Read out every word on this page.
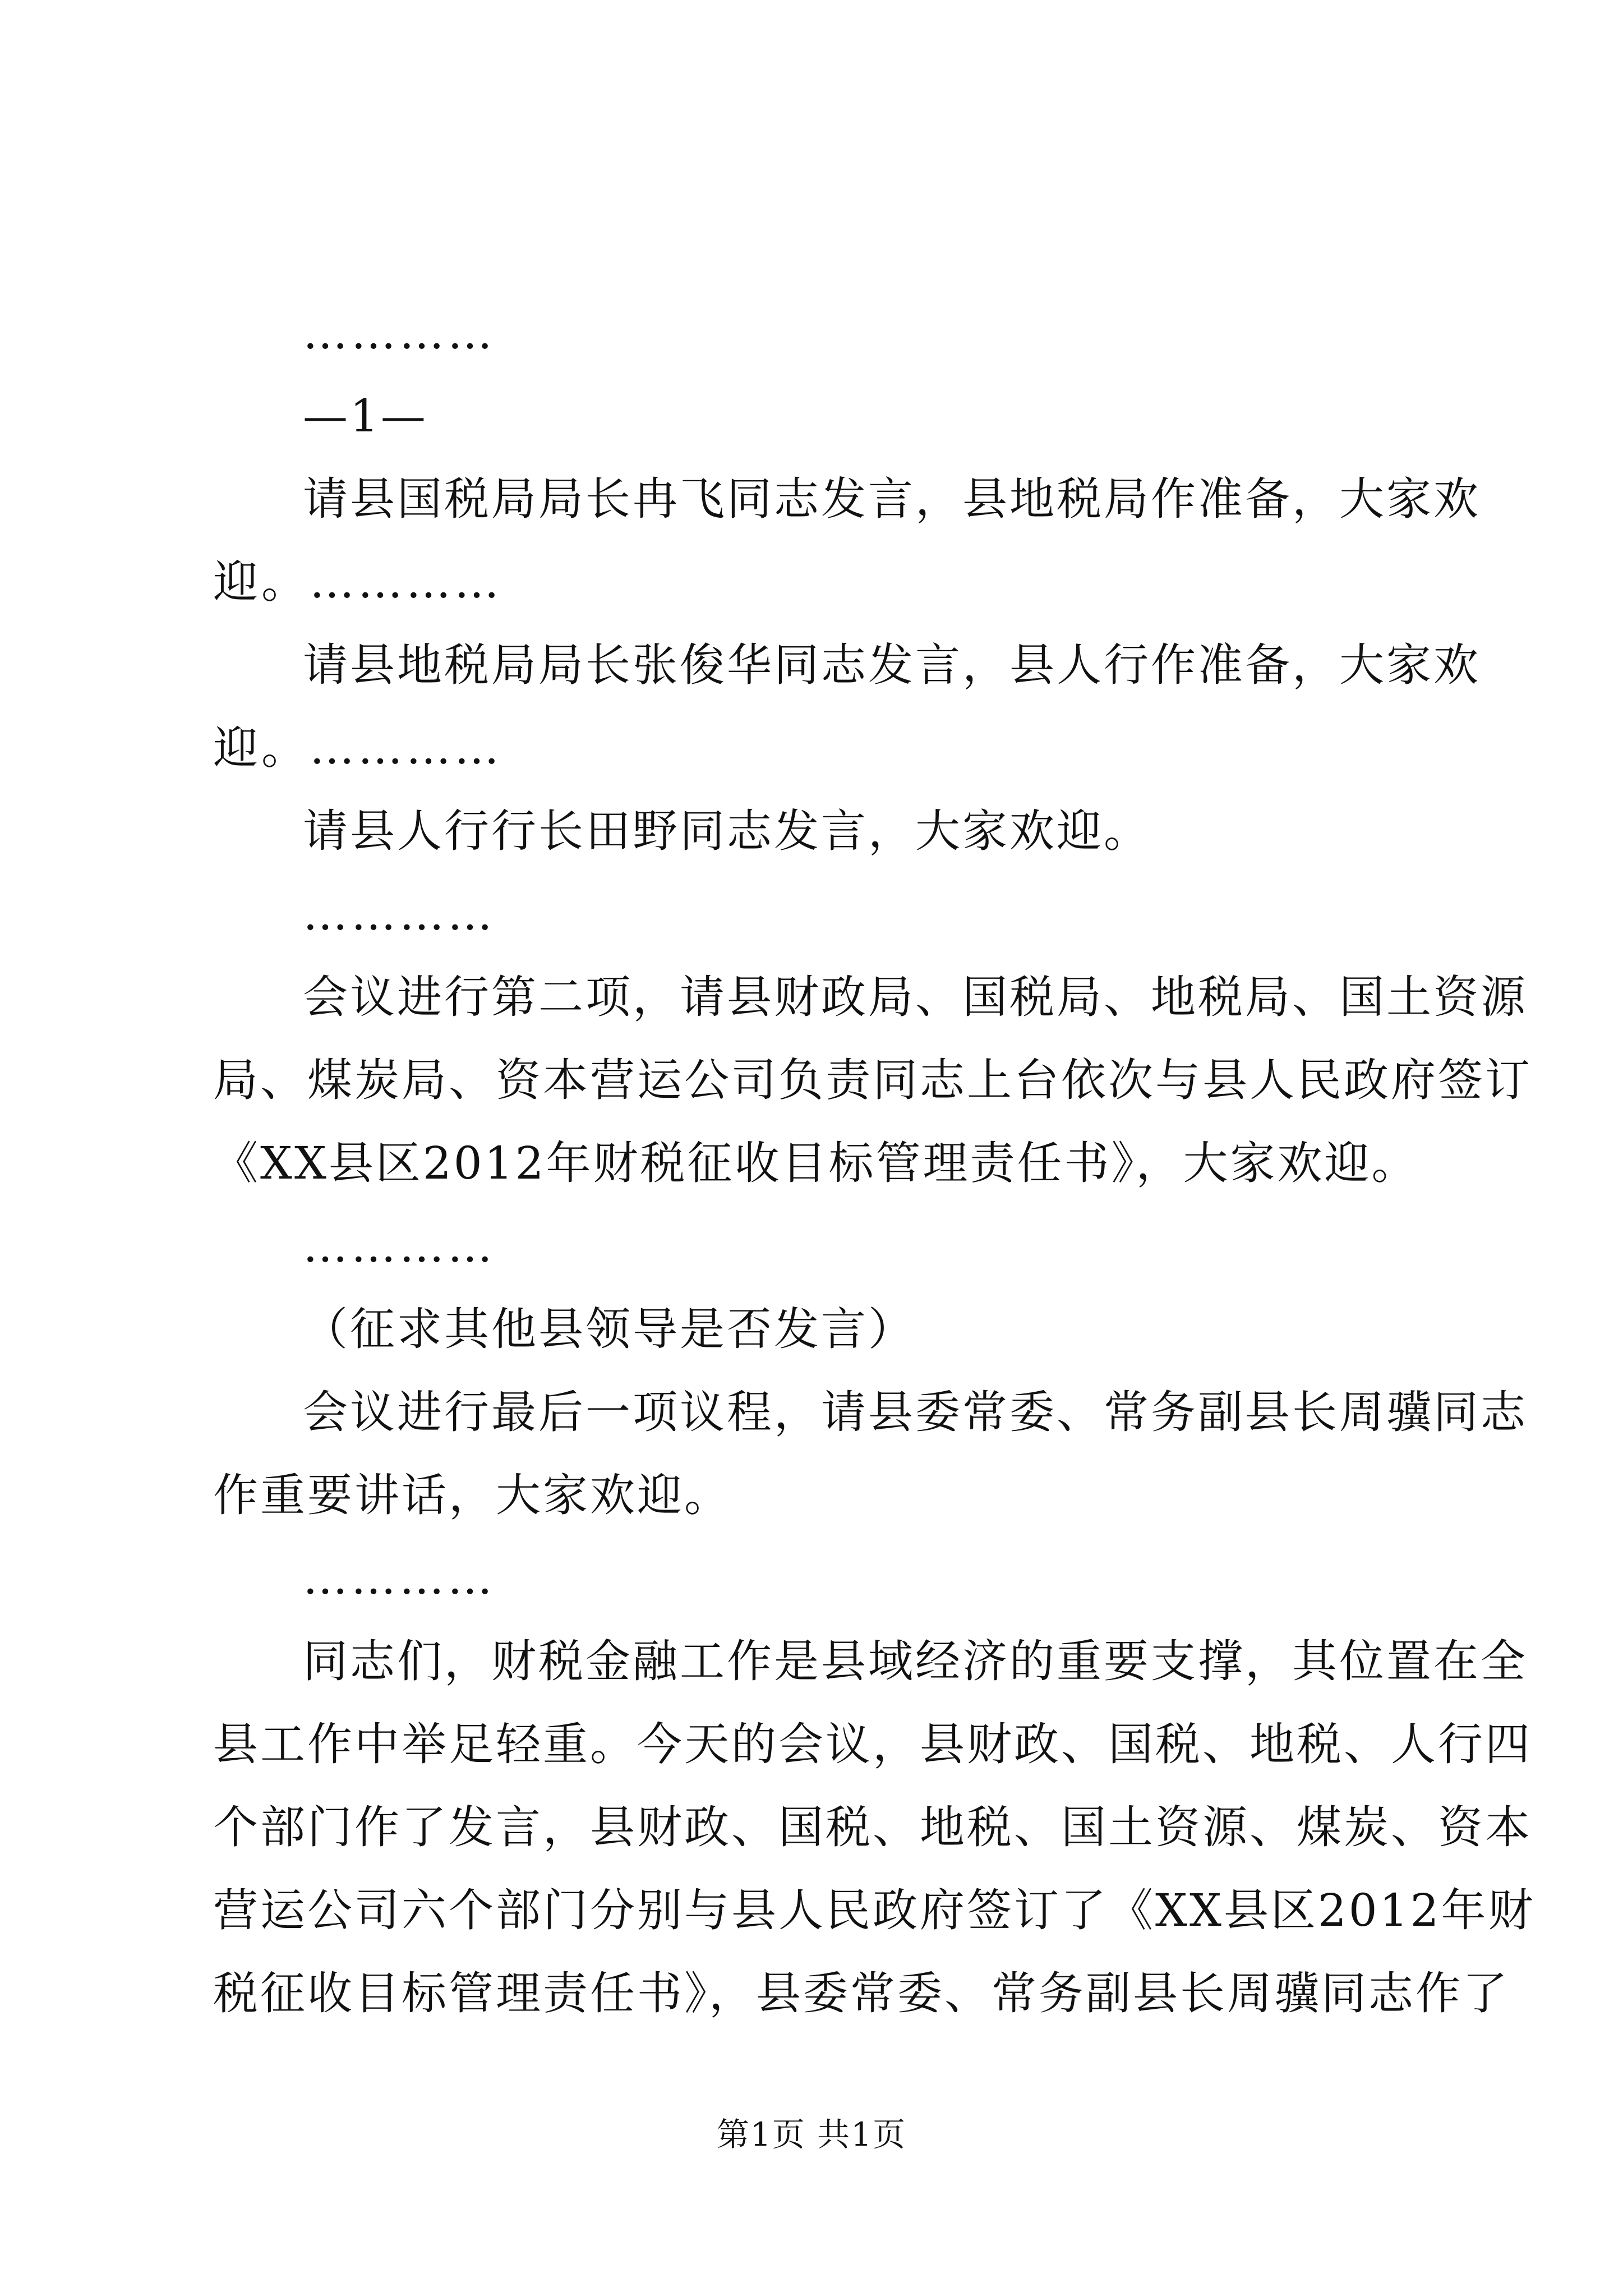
…………
—1—
请县国税局局长冉飞同志发言，县地税局作准备，大家欢
迎。…………
请县地税局局长张俊华同志发言，县人行作准备，大家欢
迎。…………
请县人行行长田野同志发言，大家欢迎。
…………
会议进行第二项，请县财政局、国税局、地税局、国土资源
局、煤炭局、资本营运公司负责同志上台依次与县人民政府签订
《XX县区2012年财税征收目标管理责任书》，大家欢迎。
…………
（征求其他县领导是否发言）
会议进行最后一项议程，请县委常委、常务副县长周骥同志
作重要讲话，大家欢迎。
…………
同志们，财税金融工作是县域经济的重要支撑，其位置在全
县工作中举足轻重。今天的会议，县财政、国税、地税、人行四
个部门作了发言，县财政、国税、地税、国土资源、煤炭、资本
营运公司六个部门分别与县人民政府签订了《XX县区2012年财
税征收目标管理责任书》，县委常委、常务副县长周骥同志作了
第1页 共1页
